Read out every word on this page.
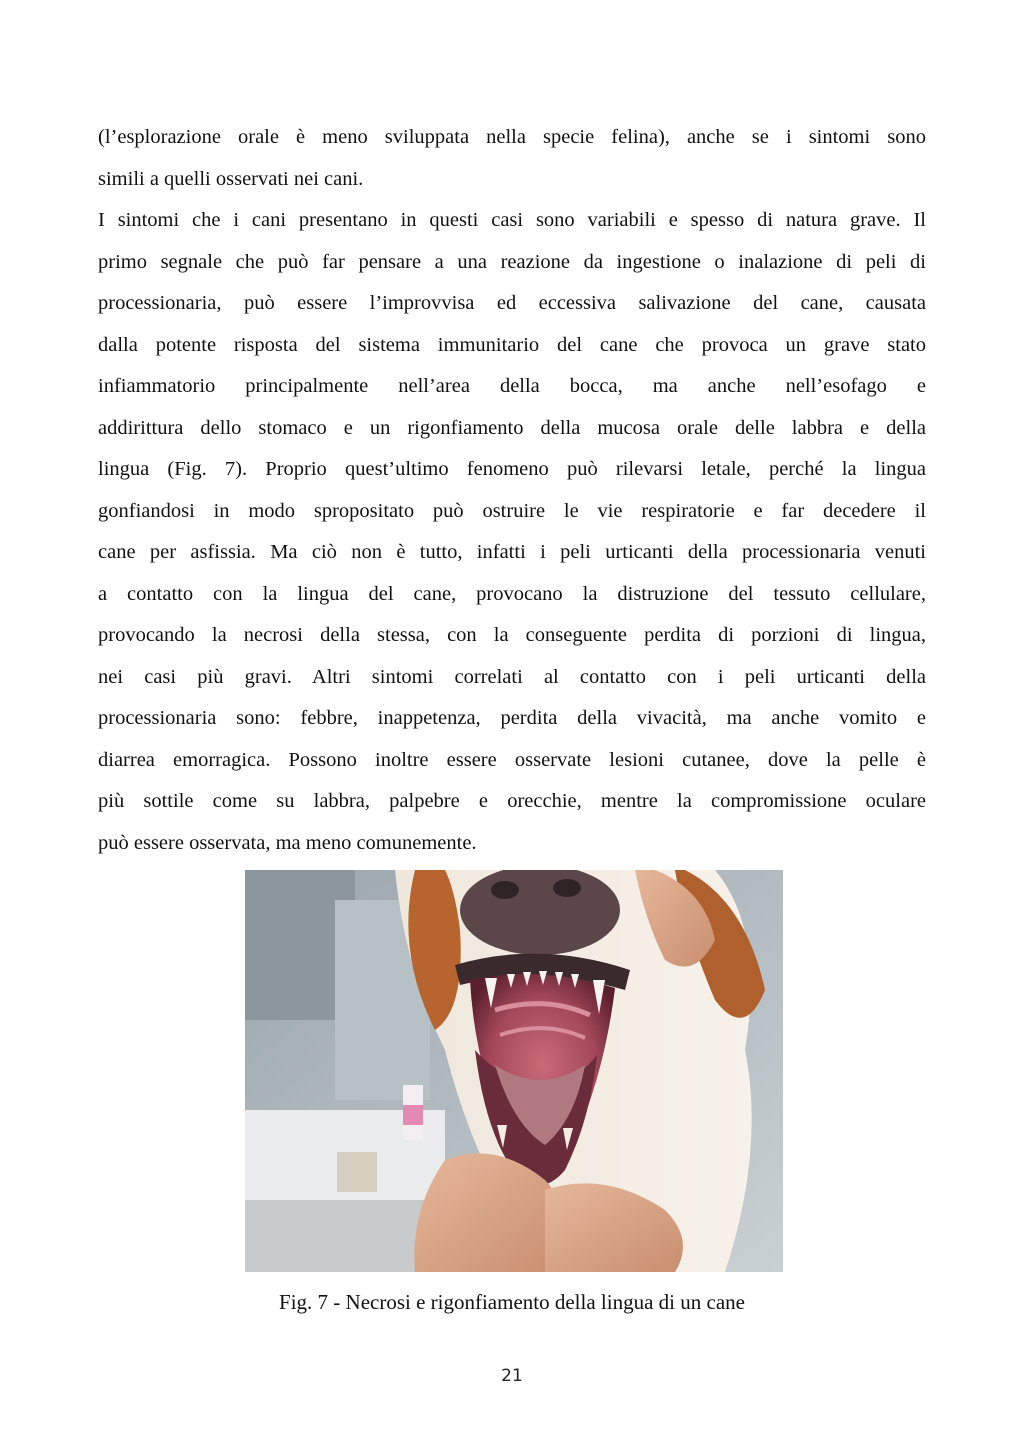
(l’esplorazione orale è meno sviluppata nella specie felina), anche se i sintomi sono
simili a quelli osservati nei cani.
I sintomi che i cani presentano in questi casi sono variabili e spesso di natura grave. Il
primo segnale che può far pensare a una reazione da ingestione o inalazione di peli di
processionaria, può essere l’improvvisa ed eccessiva salivazione del cane, causata
dalla potente risposta del sistema immunitario del cane che provoca un grave stato
infiammatorio principalmente nell’area della bocca, ma anche nell’esofago e
addirittura dello stomaco e un rigonfiamento della mucosa orale delle labbra e della
lingua (Fig. 7). Proprio quest’ultimo fenomeno può rilevarsi letale, perché la lingua
gonfiandosi in modo spropositato può ostruire le vie respiratorie e far decedere il
cane per asfissia. Ma ciò non è tutto, infatti i peli urticanti della processionaria venuti
a contatto con la lingua del cane, provocano la distruzione del tessuto cellulare,
provocando la necrosi della stessa, con la conseguente perdita di porzioni di lingua,
nei casi più gravi. Altri sintomi correlati al contatto con i peli urticanti della
processionaria sono: febbre, inappetenza, perdita della vivacità, ma anche vomito e
diarrea emorragica. Possono inoltre essere osservate lesioni cutanee, dove la pelle è
più sottile come su labbra, palpebre e orecchie, mentre la compromissione oculare
può essere osservata, ma meno comunemente.
Fig. 7 - Necrosi e rigonfiamento della lingua di un cane
21
